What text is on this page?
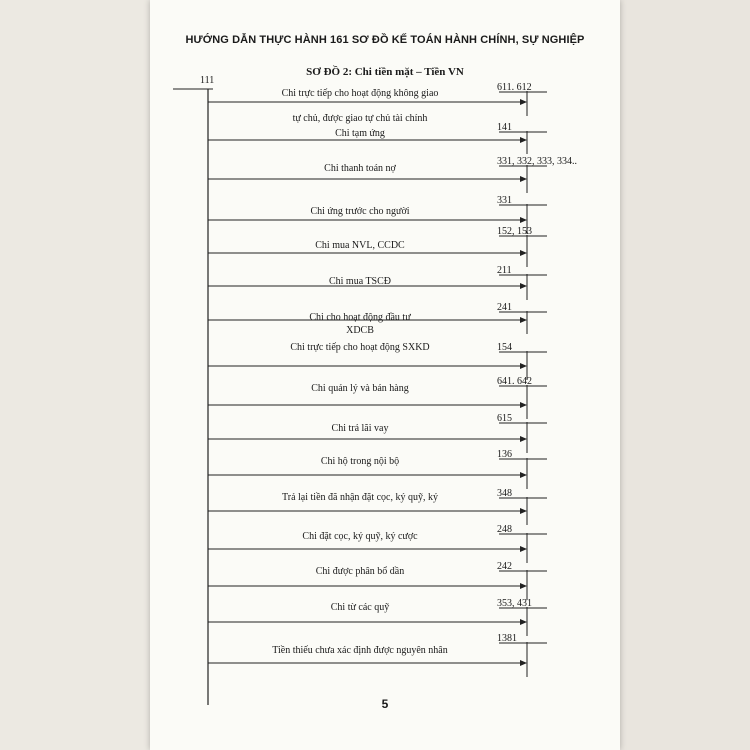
HƯỚNG DẪN THỰC HÀNH 161 SƠ ĐỒ KẾ TOÁN HÀNH CHÍNH, SỰ NGHIỆP
SƠ ĐỒ 2: Chi tiền mặt – Tiền VN
111
611. 612
Chi trực tiếp cho hoạt động không giao
tự chủ, được giao tự chủ tài chính
141
Chi tạm ứng
331, 332, 333, 334..
Chi thanh toán nợ
331
Chi ứng trước cho người
152, 153
Chi mua NVL, CCDC
211
Chi mua TSCĐ
241
Chi cho hoạt động đầu tư
XDCB
154
Chi trực tiếp cho hoạt động SXKD
641. 642
Chi quản lý và bán hàng
615
Chi trả lãi vay
136
Chi hộ trong nội bộ
348
Trả lại tiền đã nhận đặt cọc, ký quỹ, ký
248
Chi đặt cọc, ký quỹ, ký cược
242
Chi được phân bổ dần
353, 431
Chi từ các quỹ
1381
Tiền thiếu chưa xác định được nguyên nhân
5
